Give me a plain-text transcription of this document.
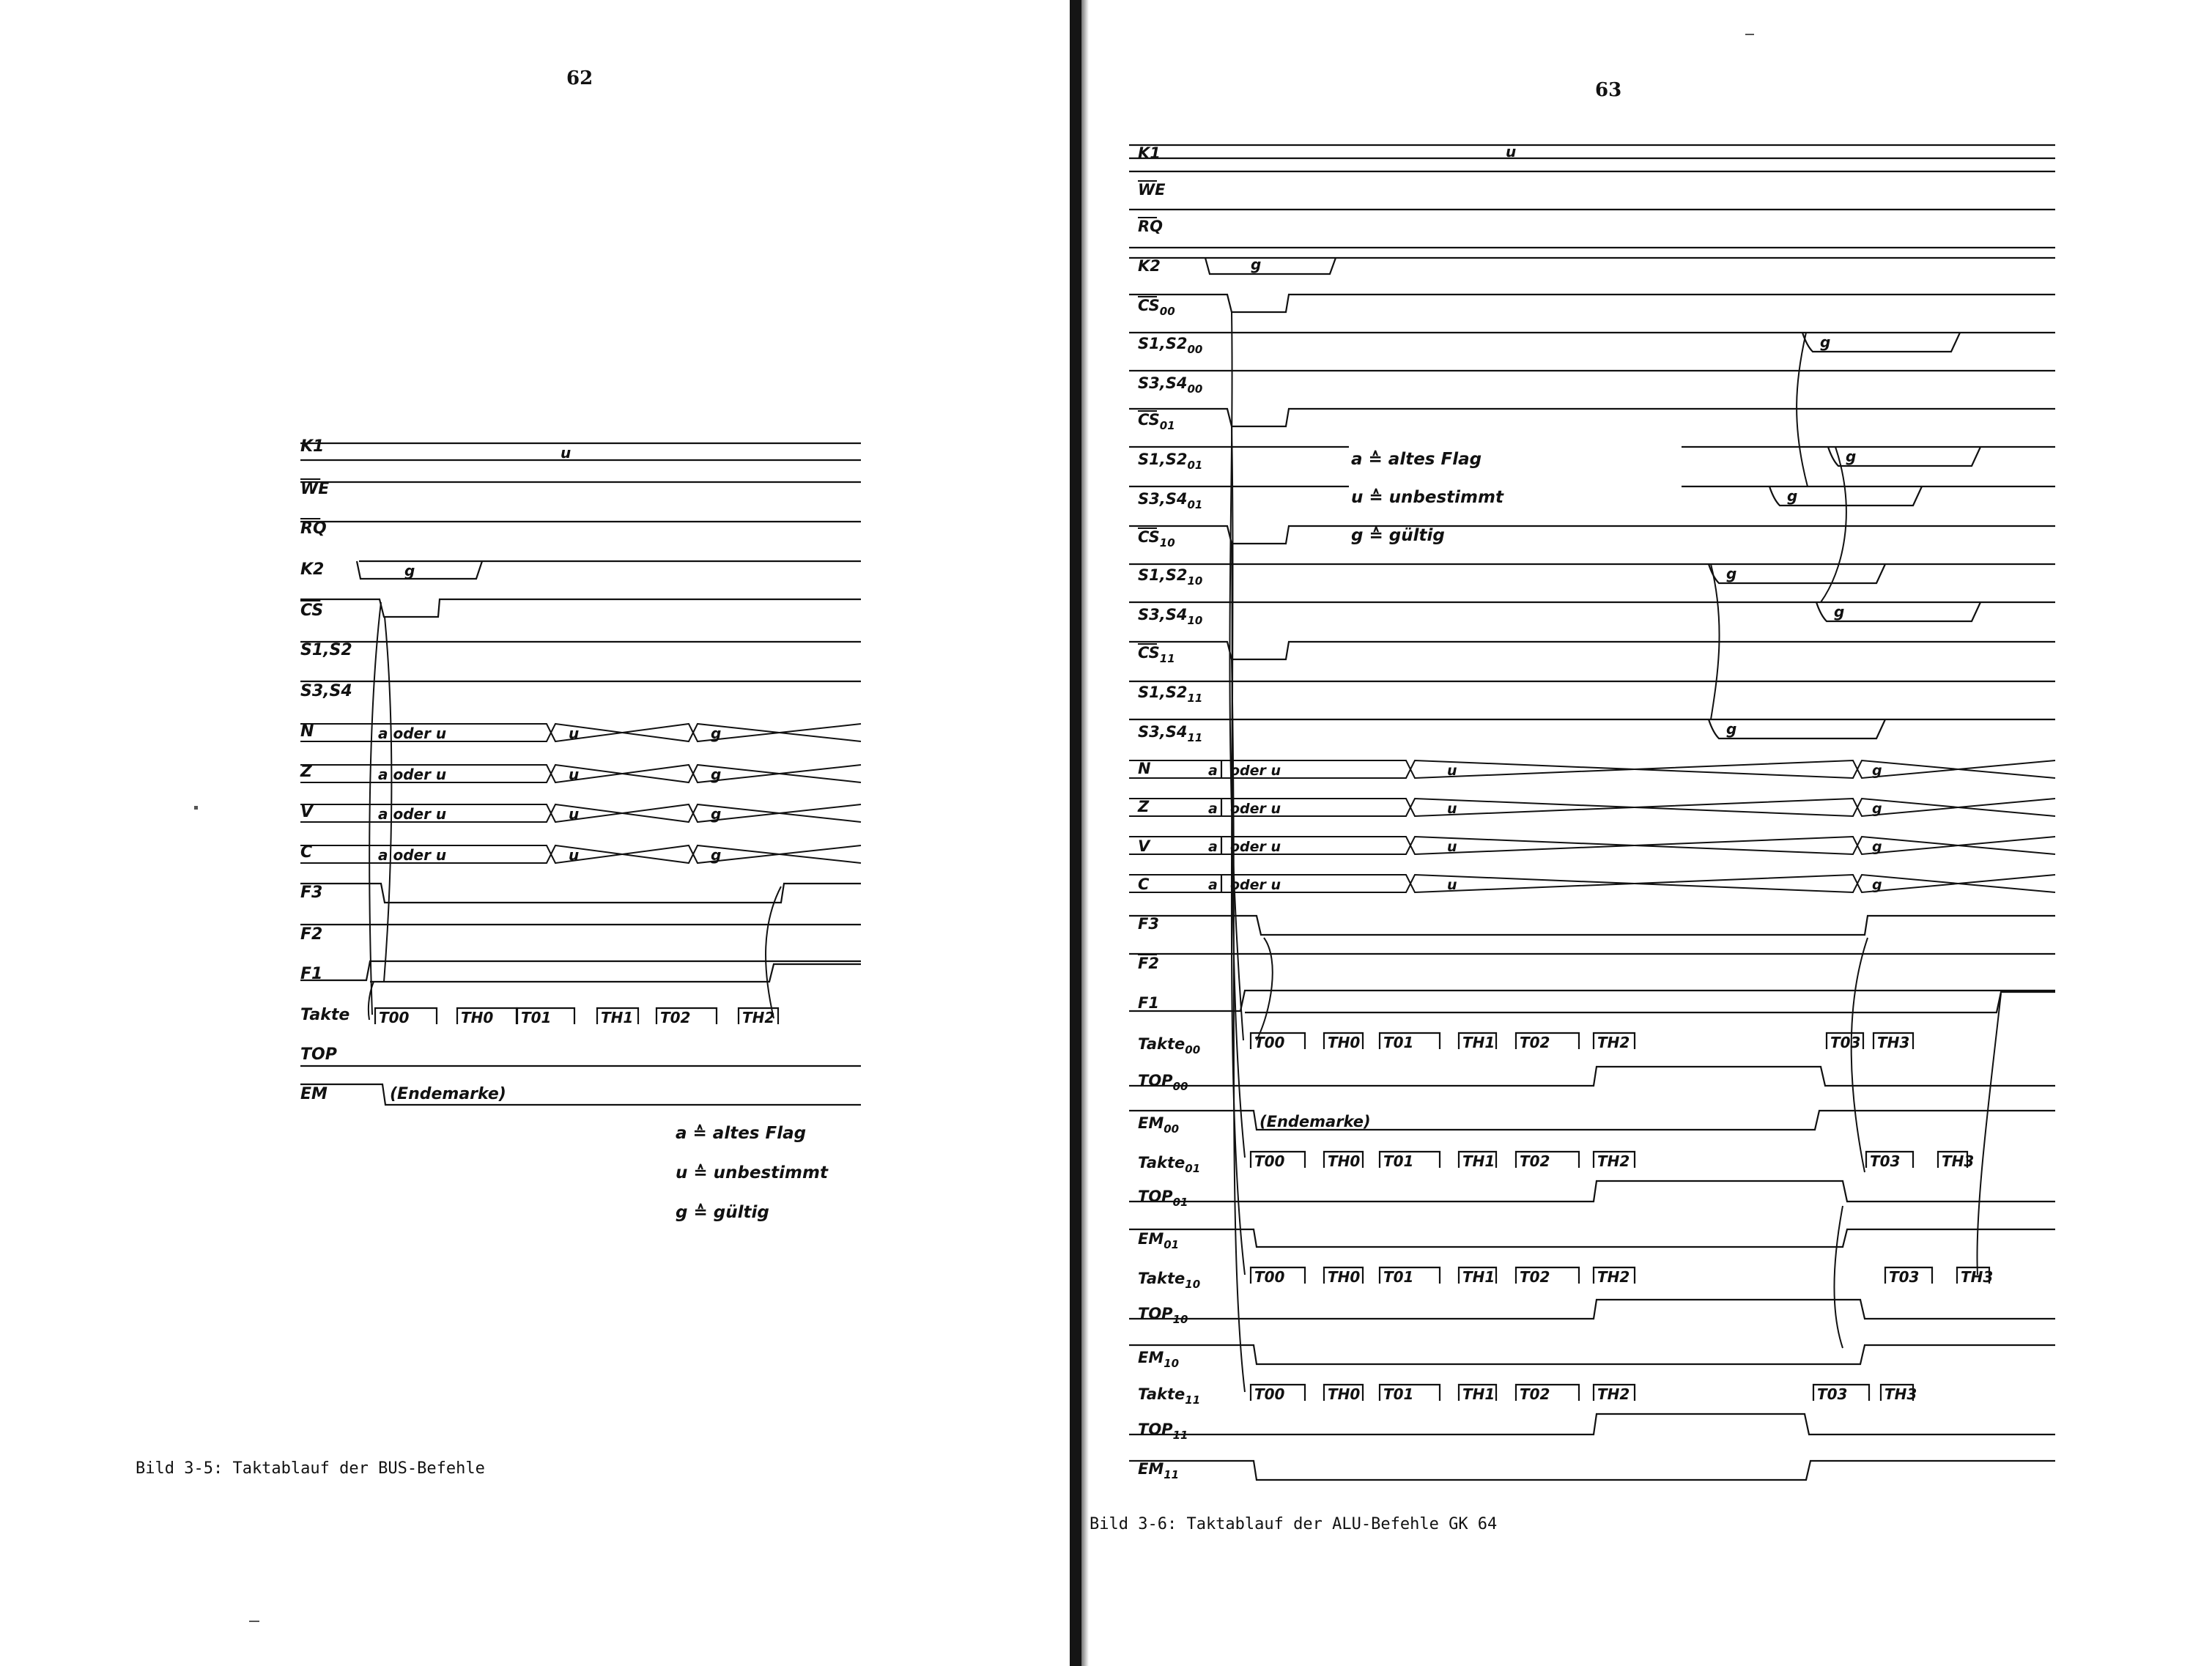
62
u
K1
WE
RQ
K2
CS
S1,S2
S3,S4
N
Z
V
C
F3
F2
F1
Takte
TOP
EM
g
a oder u	u	g
a oder u	u	g
a oder u	u	g
a oder u	u	g
T00	TH0 T01	TH1 T02	TH2
(Endemarke)
a ≙ altes Flag
u ≙ unbestimmt
g ≙ gültig
Bild 3-5: Taktablauf der BUS-Befehle
63
u
K1
WE
RQ
K2
$CS_{00}$
$S1,S2_{00}$
$S3,S4_{00}$
$CS_{01}$
$S1,S2_{01}$
$S3,S4_{01}$
$CS_{10}$
$S1,S2_{10}$
$S3,S4_{10}$
$CS_{11}$
$S1,S2_{11}$
$S3,S4_{11}$
N
Z
V
C
F3
F2
F1
Takte$_{00}$
$TOP_{00}$
$EM_{00}$
Takte$_{01}$
$TOP_{01}$
$EM_{01}$
Takte$_{10}$
$TOP_{10}$
$EM_{10}$
Takte$_{11}$
$TOP_{11}$
$EM_{11}$
g
g
g
g
g
g
g
a oder u	u	g
a oder u	u	g
a oder u	u	g
a oder u	u	g
T00	TH0 T01	TH1 T02	TH2	T03 TH3
T00	TH0 T01	TH1 T02	TH2	T03	TH3
T00	TH0 T01	TH1 T02	TH2	T03	TH3
T00	TH0 T01	TH1 T02	TH2	T03	TH3
(Endemarke)
a ≙ altes Flag
u ≙ unbestimmt
g ≙ gültig
Bild 3-6: Taktablauf der ALU-Befehle GK 64
